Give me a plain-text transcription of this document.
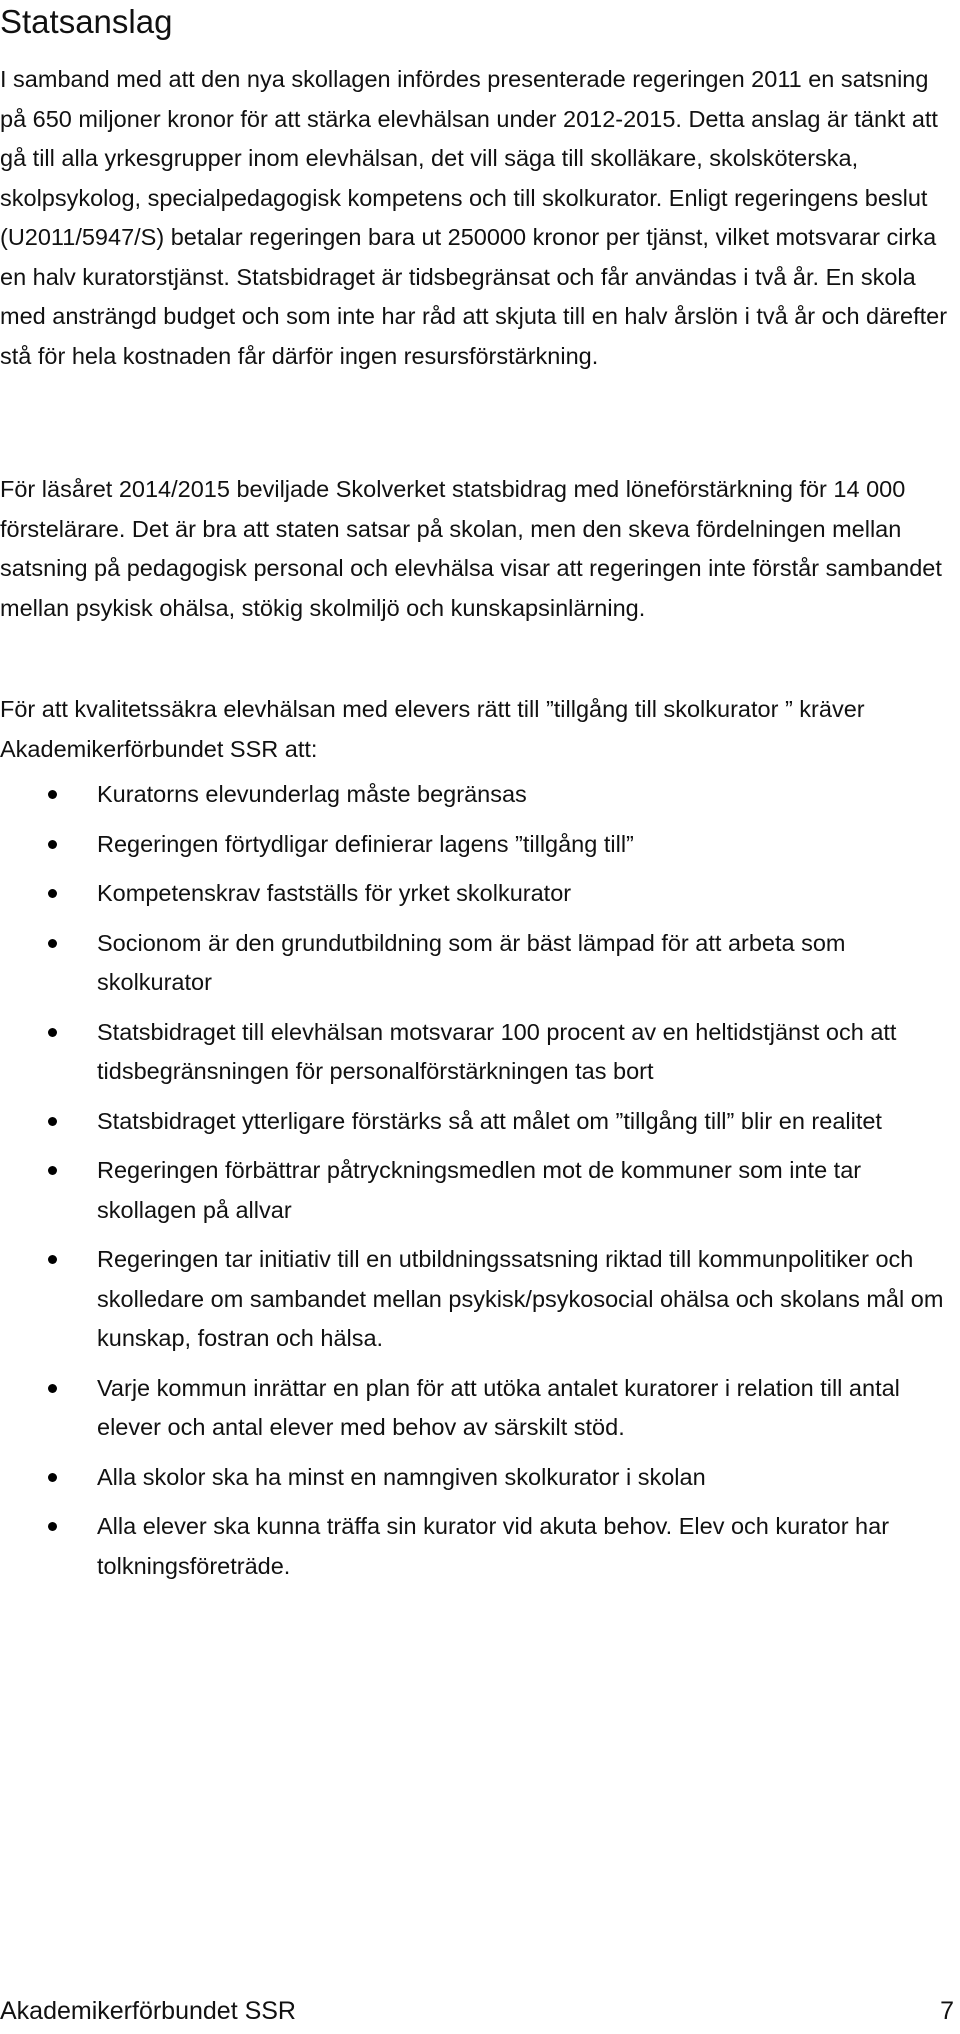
Statsanslag

I samband med att den nya skollagen infördes presenterade regeringen 2011 en satsning på 650 miljoner kronor för att stärka elevhälsan under 2012-2015. Detta anslag är tänkt att gå till alla yrkesgrupper inom elevhälsan, det vill säga till skolläkare, skolsköterska, skolpsykolog, specialpedagogisk kompetens och till skolkurator. Enligt regeringens beslut (U2011/5947/S) betalar regeringen bara ut 250000 kronor per tjänst, vilket motsvarar cirka en halv kuratorstjänst. Statsbidraget är tidsbegränsat och får användas i två år. En skola med ansträngd budget och som inte har råd att skjuta till en halv årslön i två år och därefter stå för hela kostnaden får därför ingen resursförstärkning.

För läsåret 2014/2015 beviljade Skolverket statsbidrag med löneförstärkning för 14 000 förstelärare. Det är bra att staten satsar på skolan, men den skeva fördelningen mellan satsning på pedagogisk personal och elevhälsa visar att regeringen inte förstår sambandet mellan psykisk ohälsa, stökig skolmiljö och kunskapsinlärning.

För att kvalitetssäkra elevhälsan med elevers rätt till ”tillgång till skolkurator ” kräver Akademikerförbundet SSR att:

Kuratorns elevunderlag måste begränsas
Regeringen förtydligar definierar lagens ”tillgång till”
Kompetenskrav fastställs för yrket skolkurator
Socionom är den grundutbildning som är bäst lämpad för att arbeta som skolkurator
Statsbidraget till elevhälsan motsvarar 100 procent av en heltidstjänst och att tidsbegränsningen för personalförstärkningen tas bort
Statsbidraget ytterligare förstärks så att målet om ”tillgång till” blir en realitet
Regeringen förbättrar påtryckningsmedlen mot de kommuner som inte tar skollagen på allvar
Regeringen tar initiativ till en utbildningssatsning riktad till kommunpolitiker och skolledare om sambandet mellan psykisk/psykosocial ohälsa och skolans mål om kunskap, fostran och hälsa.
Varje kommun inrättar en plan för att utöka antalet kuratorer i relation till antal elever och antal elever med behov av särskilt stöd.
Alla skolor ska ha minst en namngiven skolkurator i skolan
Alla elever ska kunna träffa sin kurator vid akuta behov. Elev och kurator har tolkningsföreträde.
Akademikerförbundet SSR	7
